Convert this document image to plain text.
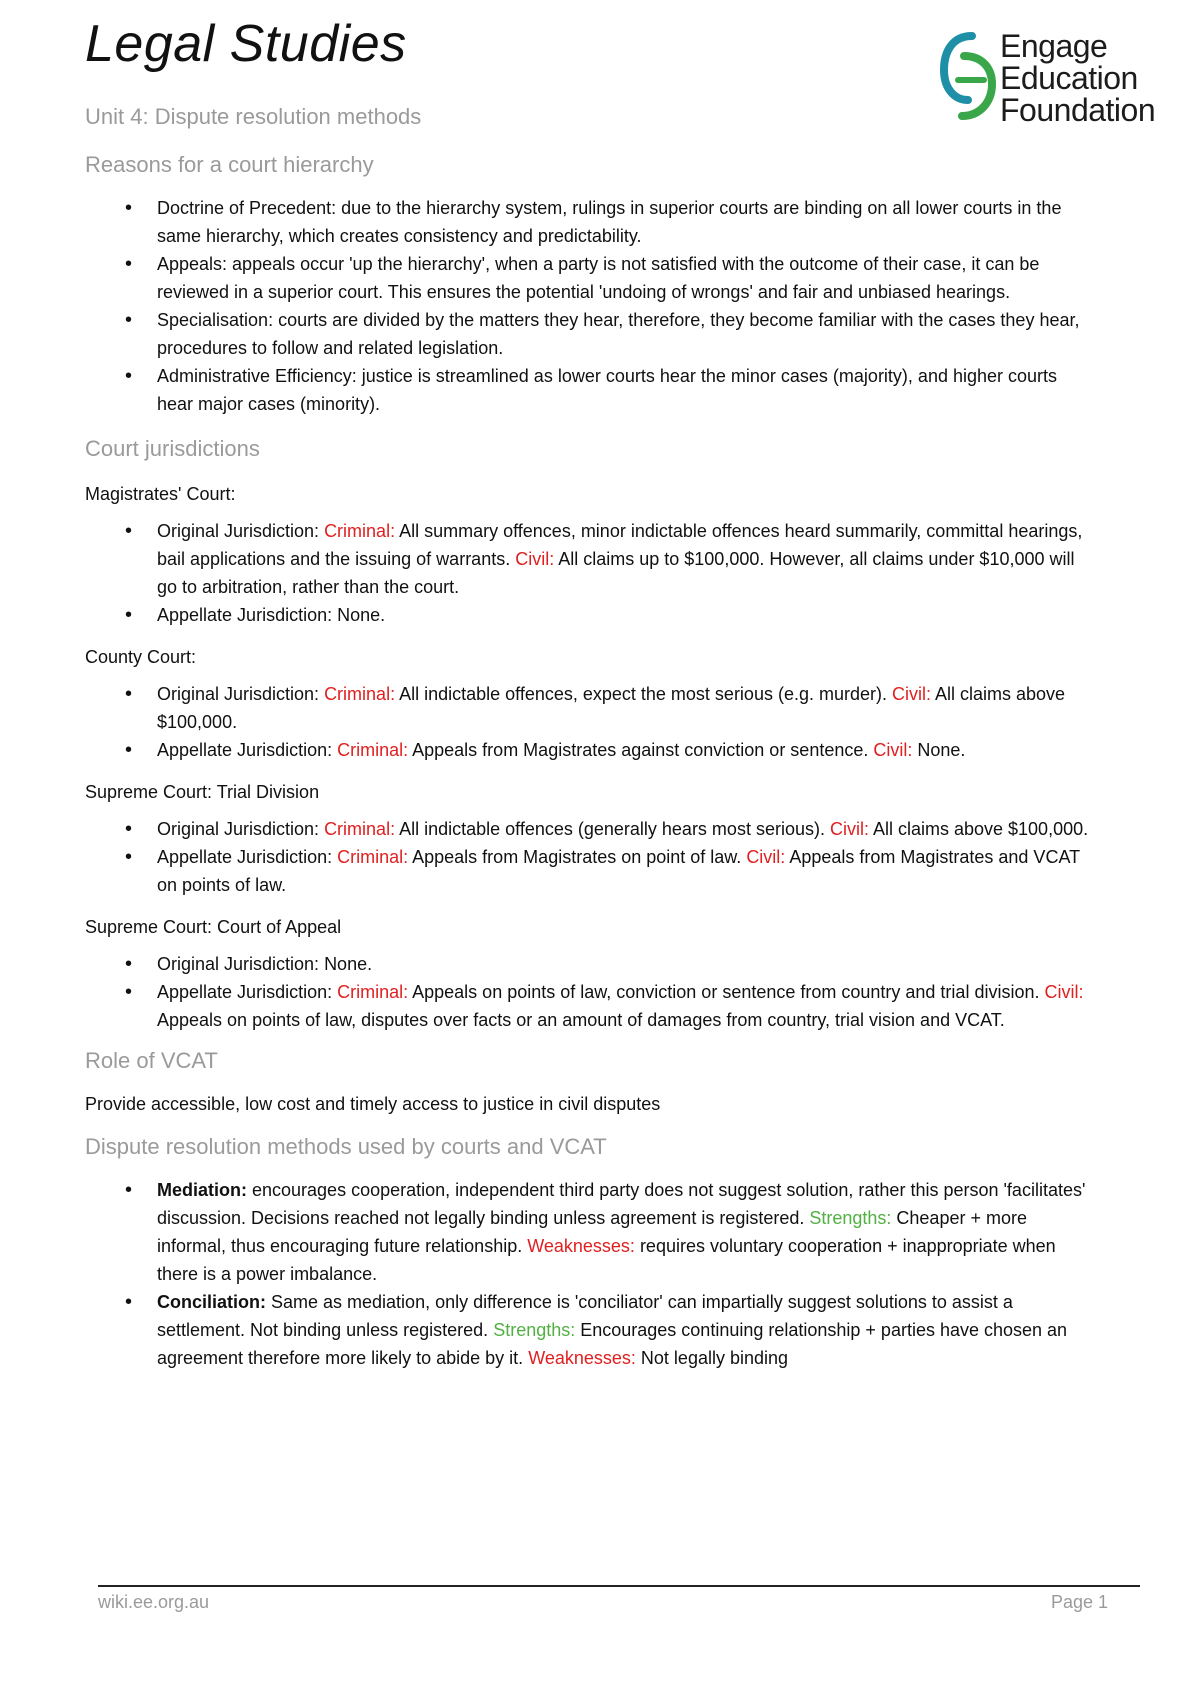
Legal Studies
Unit 4: Dispute resolution methods
Engage
Education
Foundation
Reasons for a court hierarchy
• Doctrine of Precedent: due to the hierarchy system, rulings in superior courts are binding on all lower courts in the same hierarchy, which creates consistency and predictability.
• Appeals: appeals occur 'up the hierarchy', when a party is not satisfied with the outcome of their case, it can be reviewed in a superior court. This ensures the potential 'undoing of wrongs' and fair and unbiased hearings.
• Specialisation: courts are divided by the matters they hear, therefore, they become familiar with the cases they hear, procedures to follow and related legislation.
• Administrative Efficiency: justice is streamlined as lower courts hear the minor cases (majority), and higher courts hear major cases (minority).
Court jurisdictions
Magistrates' Court:
• Original Jurisdiction: Criminal: All summary offences, minor indictable offences heard summarily, committal hearings, bail applications and the issuing of warrants. Civil: All claims up to $100,000. However, all claims under $10,000 will go to arbitration, rather than the court.
• Appellate Jurisdiction: None.
County Court:
• Original Jurisdiction: Criminal: All indictable offences, expect the most serious (e.g. murder). Civil: All claims above $100,000.
• Appellate Jurisdiction: Criminal: Appeals from Magistrates against conviction or sentence. Civil: None.
Supreme Court: Trial Division
• Original Jurisdiction: Criminal: All indictable offences (generally hears most serious). Civil: All claims above $100,000.
• Appellate Jurisdiction: Criminal: Appeals from Magistrates on point of law. Civil: Appeals from Magistrates and VCAT on points of law.
Supreme Court: Court of Appeal
• Original Jurisdiction: None.
• Appellate Jurisdiction: Criminal: Appeals on points of law, conviction or sentence from country and trial division. Civil: Appeals on points of law, disputes over facts or an amount of damages from country, trial vision and VCAT.
Role of VCAT

Provide accessible, low cost and timely access to justice in civil disputes

Dispute resolution methods used by courts and VCAT
• Mediation: encourages cooperation, independent third party does not suggest solution, rather this person 'facilitates' discussion. Decisions reached not legally binding unless agreement is registered. Strengths: Cheaper + more informal, thus encouraging future relationship. Weaknesses: requires voluntary cooperation + inappropriate when there is a power imbalance.
• Conciliation: Same as mediation, only difference is 'conciliator' can impartially suggest solutions to assist a settlement. Not binding unless registered. Strengths: Encourages continuing relationship + parties have chosen an agreement therefore more likely to abide by it. Weaknesses: Not legally binding
wiki.ee.org.au	Page 1
